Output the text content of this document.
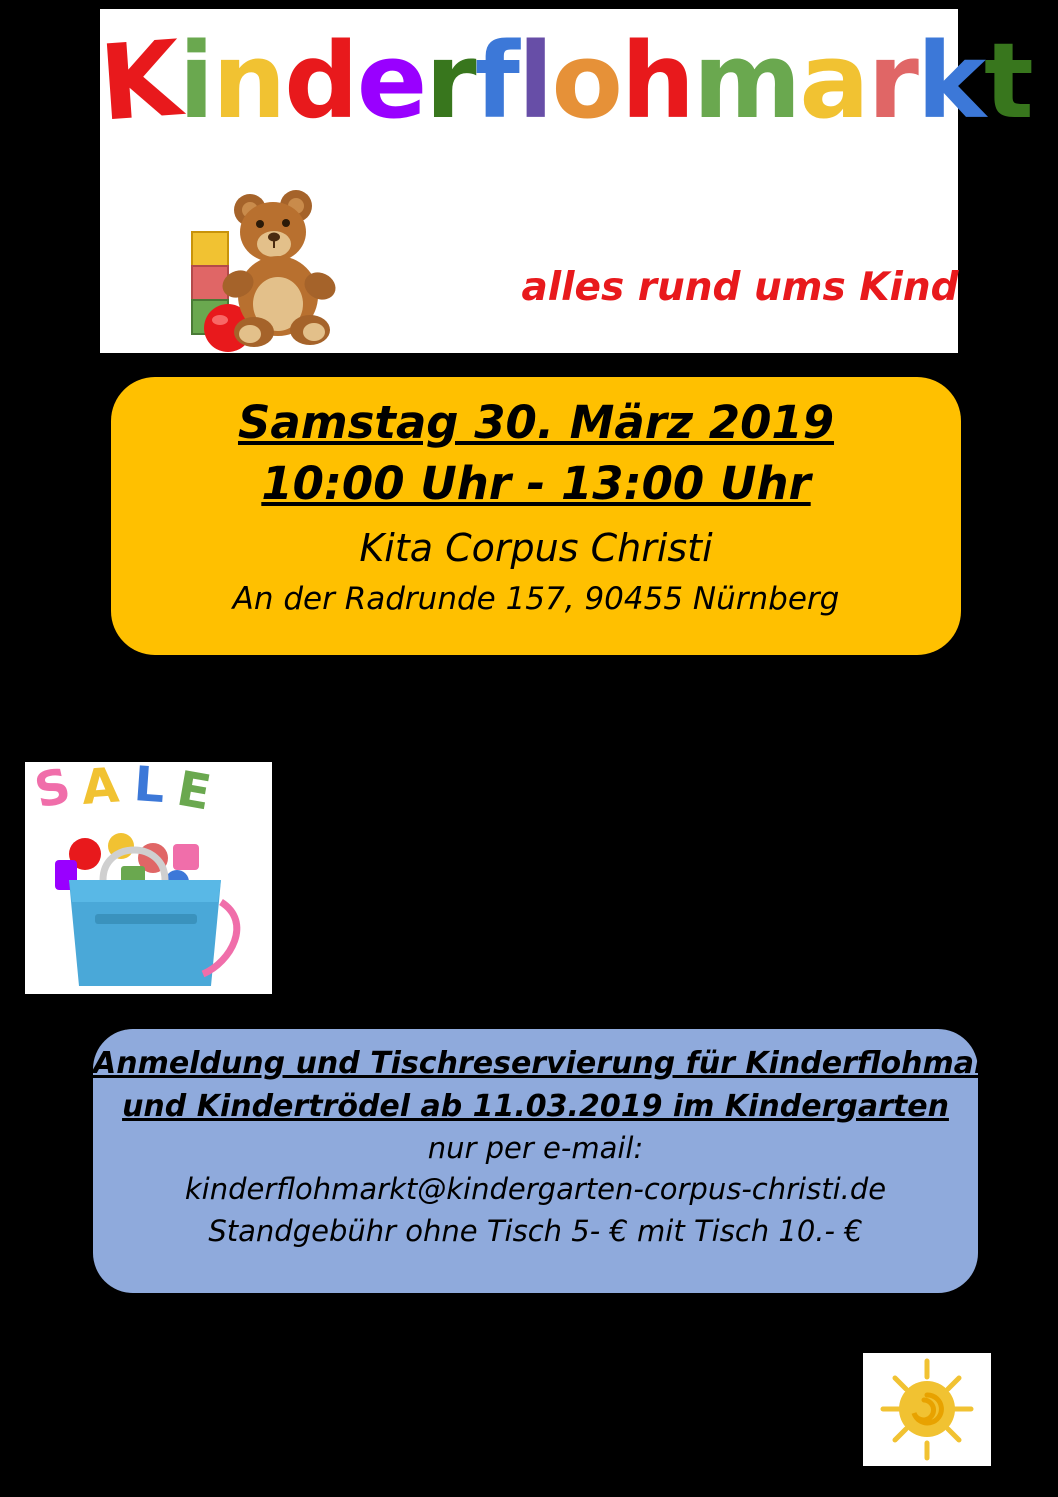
Kinderflohmarkt
alles rund ums Kind
Samstag 30. März 2019
10:00 Uhr - 13:00 Uhr
Kita Corpus Christi
An der Radrunde 157, 90455 Nürnberg
S A L E
Anmeldung und Tischreservierung für Kinderflohmarkt
und Kindertrödel ab 11.03.2019 im Kindergarten
nur per e-mail:
kinderflohmarkt@kindergarten-corpus-christi.de
Standgebühr ohne Tisch 5- € mit Tisch 10.- €
